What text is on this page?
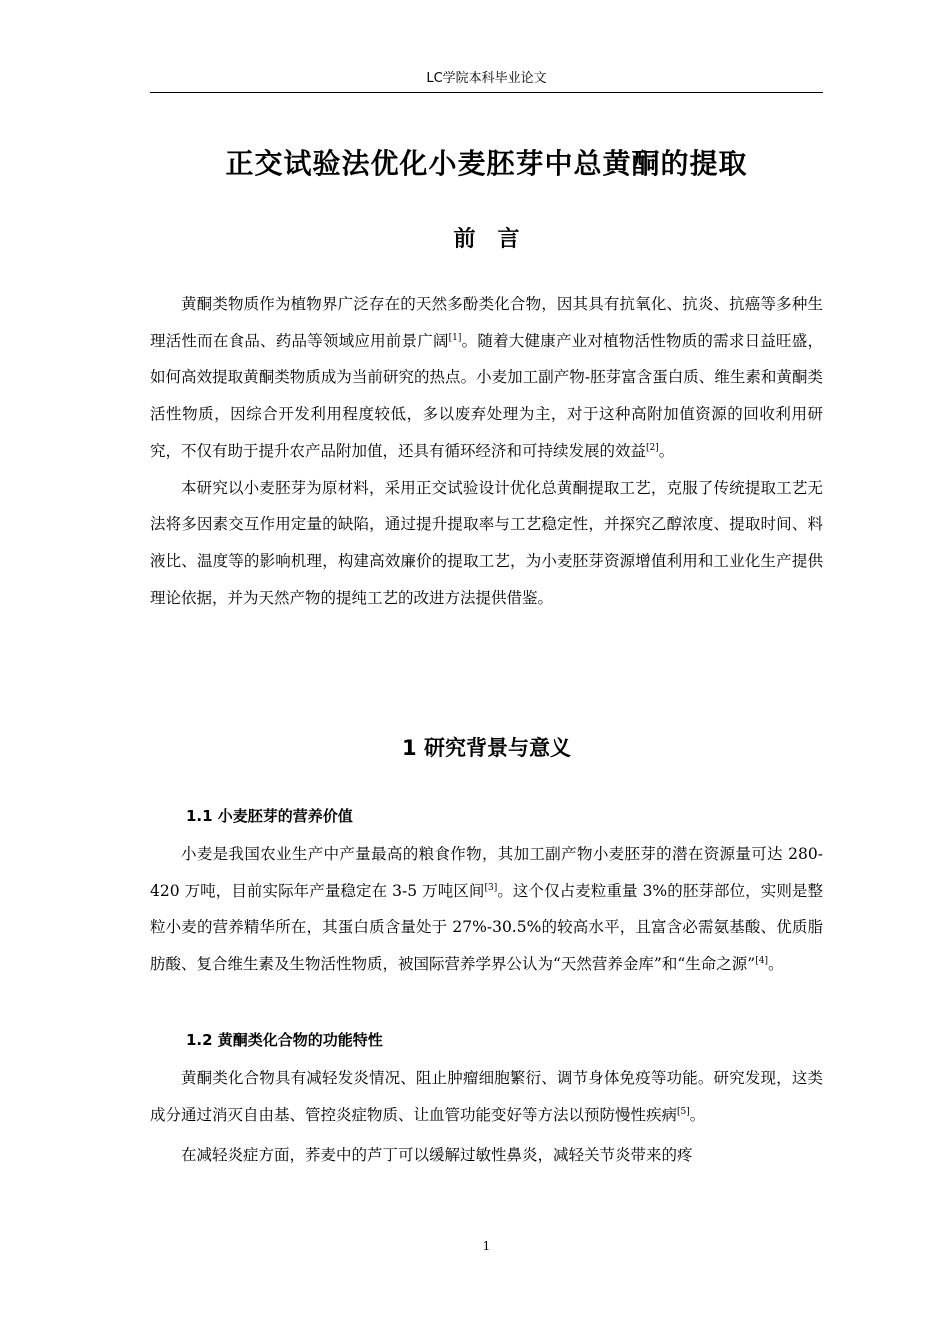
LC学院本科毕业论文
正交试验法优化小麦胚芽中总黄酮的提取
前言

黄酮类物质作为植物界广泛存在的天然多酚类化合物，因其具有抗氧化、抗炎、抗癌等多种生理活性而在食品、药品等领域应用前景广阔[1]。随着大健康产业对植物活性物质的需求日益旺盛，如何高效提取黄酮类物质成为当前研究的热点。小麦加工副产物-胚芽富含蛋白质、维生素和黄酮类活性物质，因综合开发利用程度较低，多以废弃处理为主，对于这种高附加值资源的回收利用研究，不仅有助于提升农产品附加值，还具有循环经济和可持续发展的效益[2]。

本研究以小麦胚芽为原材料，采用正交试验设计优化总黄酮提取工艺，克服了传统提取工艺无法将多因素交互作用定量的缺陷，通过提升提取率与工艺稳定性，并探究乙醇浓度、提取时间、料液比、温度等的影响机理，构建高效廉价的提取工艺，为小麦胚芽资源增值利用和工业化生产提供理论依据，并为天然产物的提纯工艺的改进方法提供借鉴。

1 研究背景与意义
1.1 小麦胚芽的营养价值

小麦是我国农业生产中产量最高的粮食作物，其加工副产物小麦胚芽的潜在资源量可达 280-420 万吨，目前实际年产量稳定在 3-5 万吨区间[3]。这个仅占麦粒重量 3%的胚芽部位，实则是整粒小麦的营养精华所在，其蛋白质含量处于 27%-30.5%的较高水平，且富含必需氨基酸、优质脂肪酸、复合维生素及生物活性物质，被国际营养学界公认为“天然营养金库”和“生命之源”[4]。

1.2 黄酮类化合物的功能特性

黄酮类化合物具有减轻发炎情况、阻止肿瘤细胞繁衍、调节身体免疫等功能。研究发现，这类成分通过消灭自由基、管控炎症物质、让血管功能变好等方法以预防慢性疾病[5]。

在减轻炎症方面，荞麦中的芦丁可以缓解过敏性鼻炎，减轻关节炎带来的疼

1
